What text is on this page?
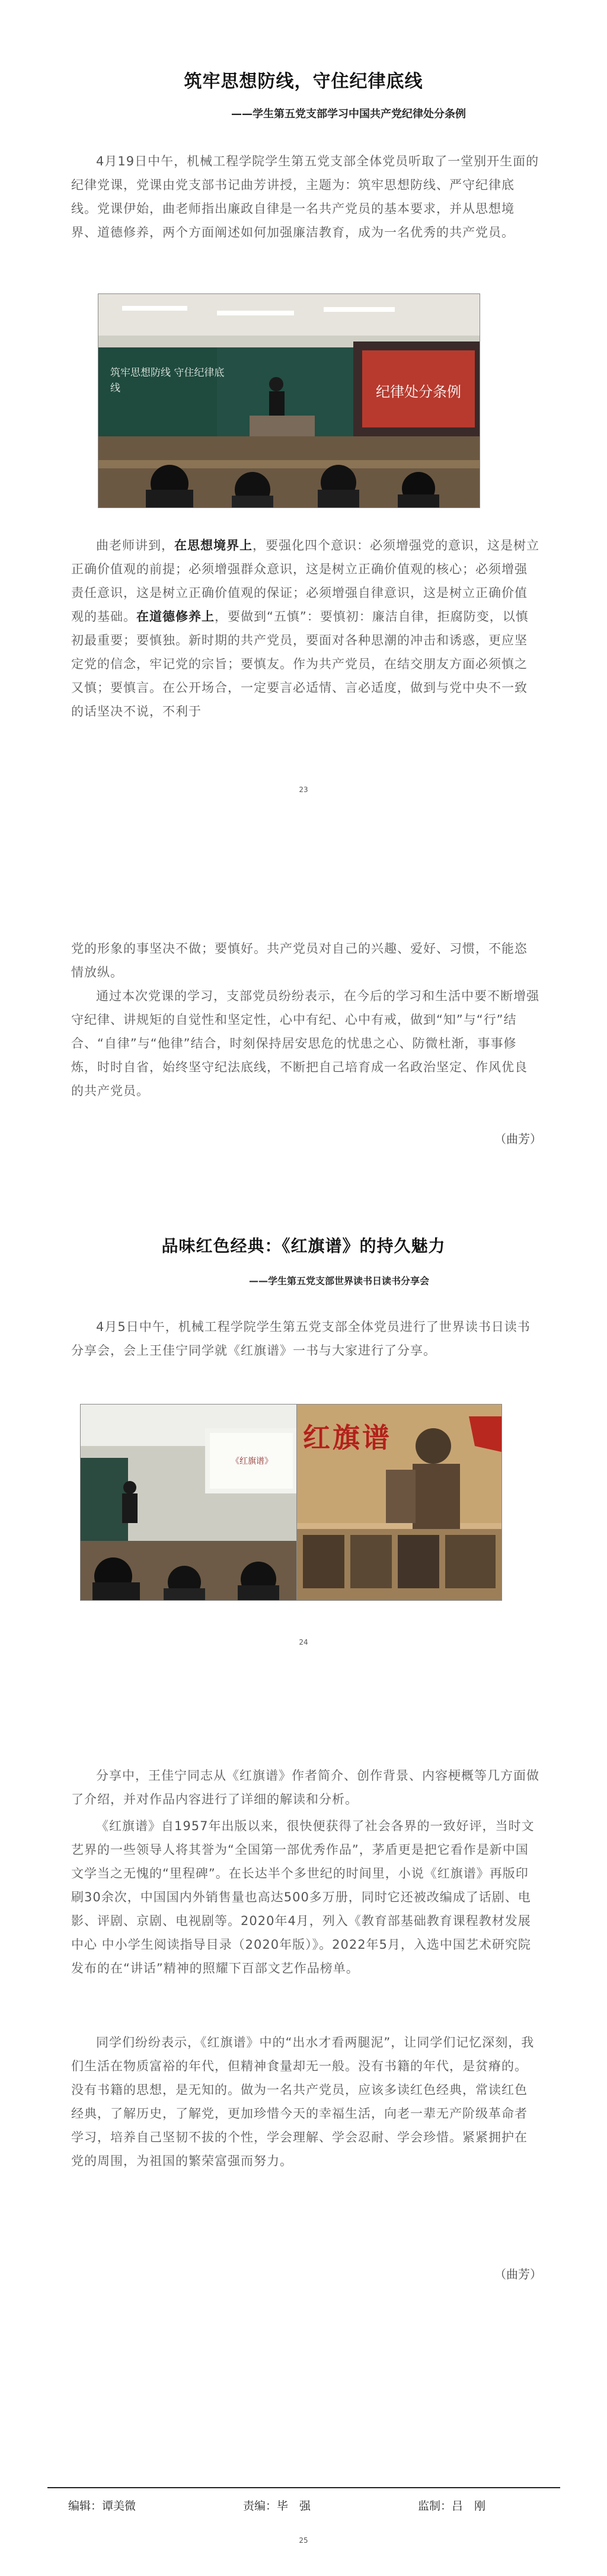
筑牢思想防线，守住纪律底线
——学生第五党支部学习中国共产党纪律处分条例

4月19日中午，机械工程学院学生第五党支部全体党员听取了一堂别开生面的纪律党课，党课由党支部书记曲芳讲授，主题为：筑牢思想防线、严守纪律底线。党课伊始，曲老师指出廉政自律是一名共产党员的基本要求，并从思想境界、道德修养，两个方面阐述如何加强廉洁教育，成为一名优秀的共产党员。

筑牢思想防线 守住纪律底线	纪律处分条例

曲老师讲到，在思想境界上，要强化四个意识：必须增强党的意识，这是树立正确价值观的前提；必须增强群众意识，这是树立正确价值观的核心；必须增强责任意识，这是树立正确价值观的保证；必须增强自律意识，这是树立正确价值观的基础。在道德修养上，要做到“五慎”：要慎初：廉洁自律，拒腐防变，以慎初最重要；要慎独。新时期的共产党员，要面对各种思潮的冲击和诱惑，更应坚定党的信念，牢记党的宗旨；要慎友。作为共产党员，在结交朋友方面必须慎之又慎；要慎言。在公开场合，一定要言必适情、言必适度，做到与党中央不一致的话坚决不说，不利于

23

党的形象的事坚决不做；要慎好。共产党员对自己的兴趣、爱好、习惯，不能恣情放纵。

通过本次党课的学习，支部党员纷纷表示，在今后的学习和生活中要不断增强守纪律、讲规矩的自觉性和坚定性，心中有纪、心中有戒，做到“知”与“行”结合、“自律”与“他律”结合，时刻保持居安思危的忧患之心、防微杜渐，事事修炼，时时自省，始终坚守纪法底线，不断把自己培育成一名政治坚定、作风优良的共产党员。

（曲芳）
品味红色经典：《红旗谱》的持久魅力
——学生第五党支部世界读书日读书分享会

4月5日中午，机械工程学院学生第五党支部全体党员进行了世界读书日读书分享会，会上王佳宁同学就《红旗谱》一书与大家进行了分享。

《红旗谱》
红旗谱
24

分享中，王佳宁同志从《红旗谱》作者简介、创作背景、内容梗概等几方面做了介绍，并对作品内容进行了详细的解读和分析。

《红旗谱》自1957年出版以来，很快便获得了社会各界的一致好评，当时文艺界的一些领导人将其誉为“全国第一部优秀作品”，茅盾更是把它看作是新中国文学当之无愧的“里程碑”。在长达半个多世纪的时间里，小说《红旗谱》再版印刷30余次，中国国内外销售量也高达500多万册，同时它还被改编成了话剧、电影、评剧、京剧、电视剧等。2020年4月，列入《教育部基础教育课程教材发展中心 中小学生阅读指导目录（2020年版）》。2022年5月，入选中国艺术研究院发布的在“讲话”精神的照耀下百部文艺作品榜单。

同学们纷纷表示，《红旗谱》中的“出水才看两腿泥”，让同学们记忆深刻，我们生活在物质富裕的年代，但精神食量却无一般。没有书籍的年代，是贫瘠的。没有书籍的思想，是无知的。做为一名共产党员，应该多读红色经典，常读红色经典，了解历史，了解党，更加珍惜今天的幸福生活，向老一辈无产阶级革命者学习，培养自己坚韧不拔的个性，学会理解、学会忍耐、学会珍惜。紧紧拥护在党的周围，为祖国的繁荣富强而努力。

（曲芳）
编辑：谭美微	责编：毕　强	监制：吕　刚
25
